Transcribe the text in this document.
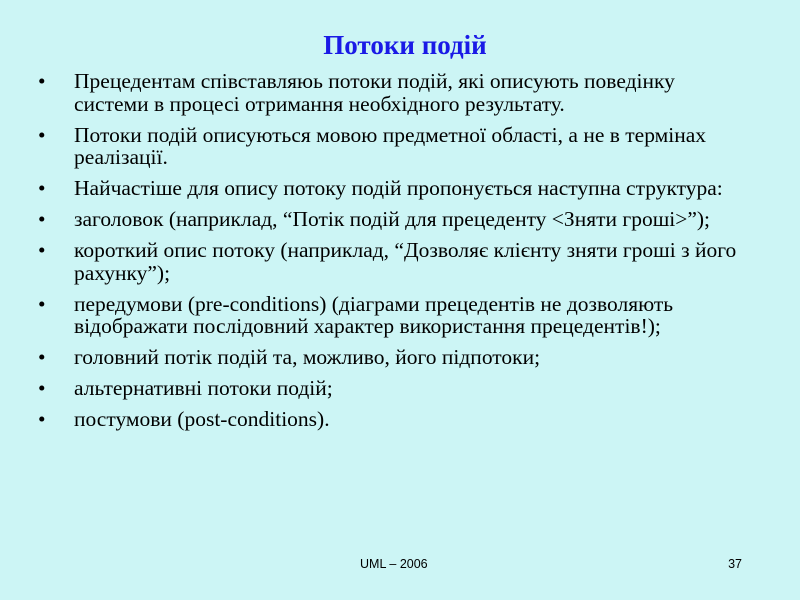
Потоки подій
• Прецедентам співставляюь потоки подій, які описують поведінку системи в процесі отримання необхідного результату.
• Потоки подій описуються мовою предметної області, а не в термінах реалізації.
• Найчастіше для опису потоку подій пропонується наступна структура:
• заголовок (наприклад, “Потік подій для прецеденту <Зняти гроші>”);
• короткий опис потоку (наприклад, “Дозволяє клієнту зняти гроші з його рахунку”);
• передумови (pre-conditions) (діаграми прецедентів не дозволяють відображати послідовний характер використання прецедентів!);
• головний потік подій та, можливо, його підпотоки;
• альтернативні потоки подій;
• постумови (post-conditions).
UML – 2006	37
